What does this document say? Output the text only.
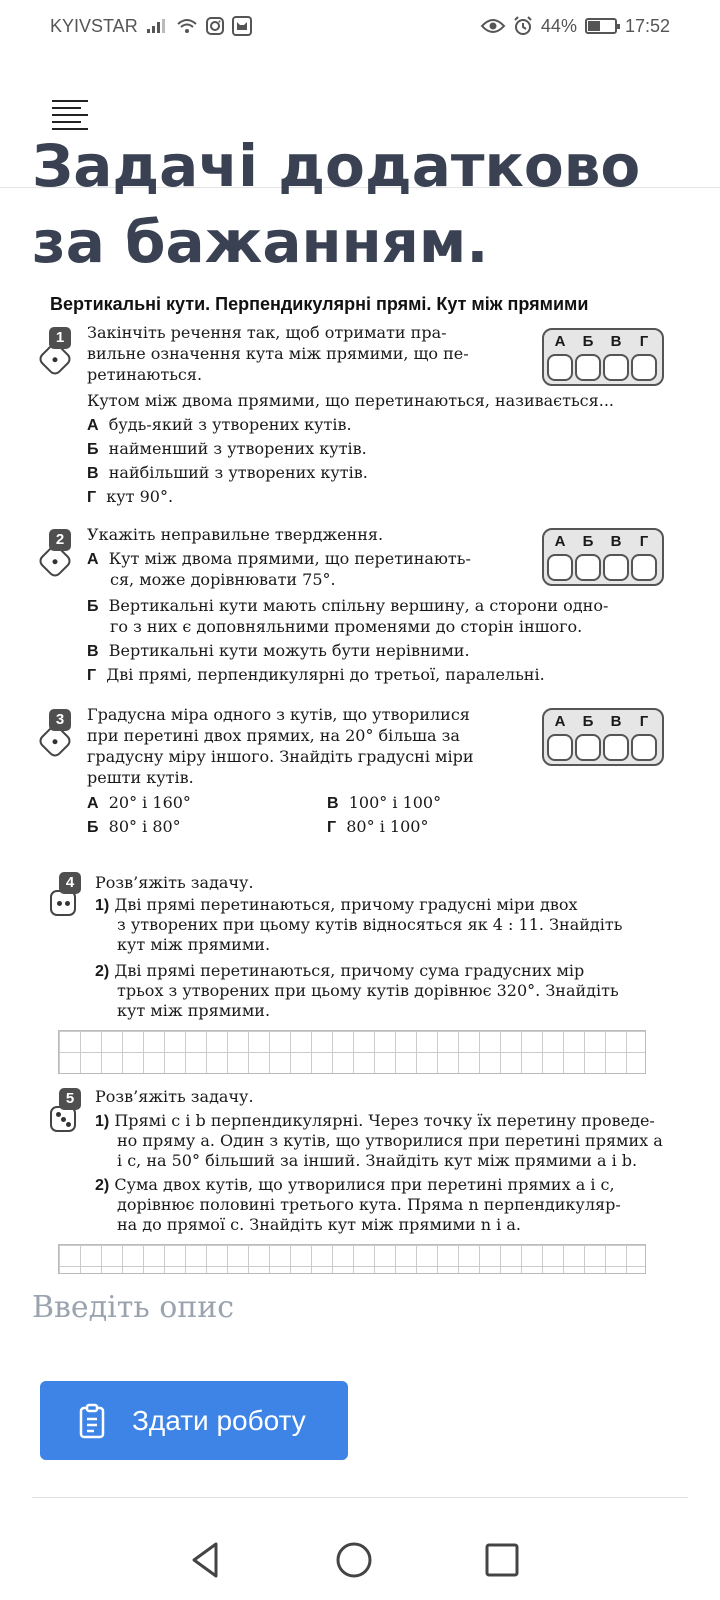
KYIVSTAR	44%	17:52
Задачі додатково
за бажанням.
Вертикальні кути. Перпендикулярні прямі. Кут між прямими
1	Закінчіть речення так, щоб отримати пра-
вильне означення кута між прямими, що пе-
ретинаються.
Кутом між двома прямими, що перетинаються, називається...
А будь-який з утворених кутів.
Б найменший з утворених кутів.
В найбільший з утворених кутів.
Г кут 90°.
А	Б	В	Г
2	Укажіть неправильне твердження.
А Кут між двома прямими, що перетинають-
ся, може дорівнювати 75°.
Б Вертикальні кути мають спільну вершину, а сторони одно-
го з них є доповняльними променями до сторін іншого.
В Вертикальні кути можуть бути нерівними.
Г Дві прямі, перпендикулярні до третьої, паралельні.
А	Б	В	Г
3	Градусна міра одного з кутів, що утворилися
при перетині двох прямих, на 20° більша за
градусну міру іншого. Знайдіть градусні міри
решти кутів.
А 20° і 160°
Б 80° і 80°
В 100° і 100°
Г 80° і 100°
А	Б	В	Г
4	Розв’яжіть задачу.
1) Дві прямі перетинаються, причому градусні міри двох
з утворених при цьому кутів відносяться як 4 : 11. Знайдіть
кут між прямими.
2) Дві прямі перетинаються, причому сума градусних мір
трьох з утворених при цьому кутів дорівнює 320°. Знайдіть
кут між прямими.
5	Розв’яжіть задачу.
1) Прямі c і b перпендикулярні. Через точку їх перетину проведе-
но пряму a. Один з кутів, що утворилися при перетині прямих a
і c, на 50° більший за інший. Знайдіть кут між прямими a і b.
2) Сума двох кутів, що утворилися при перетині прямих a і c,
дорівнює половині третього кута. Пряма n перпендикуляр-
на до прямої c. Знайдіть кут між прямими n і a.
Введіть опис
Здати роботу
